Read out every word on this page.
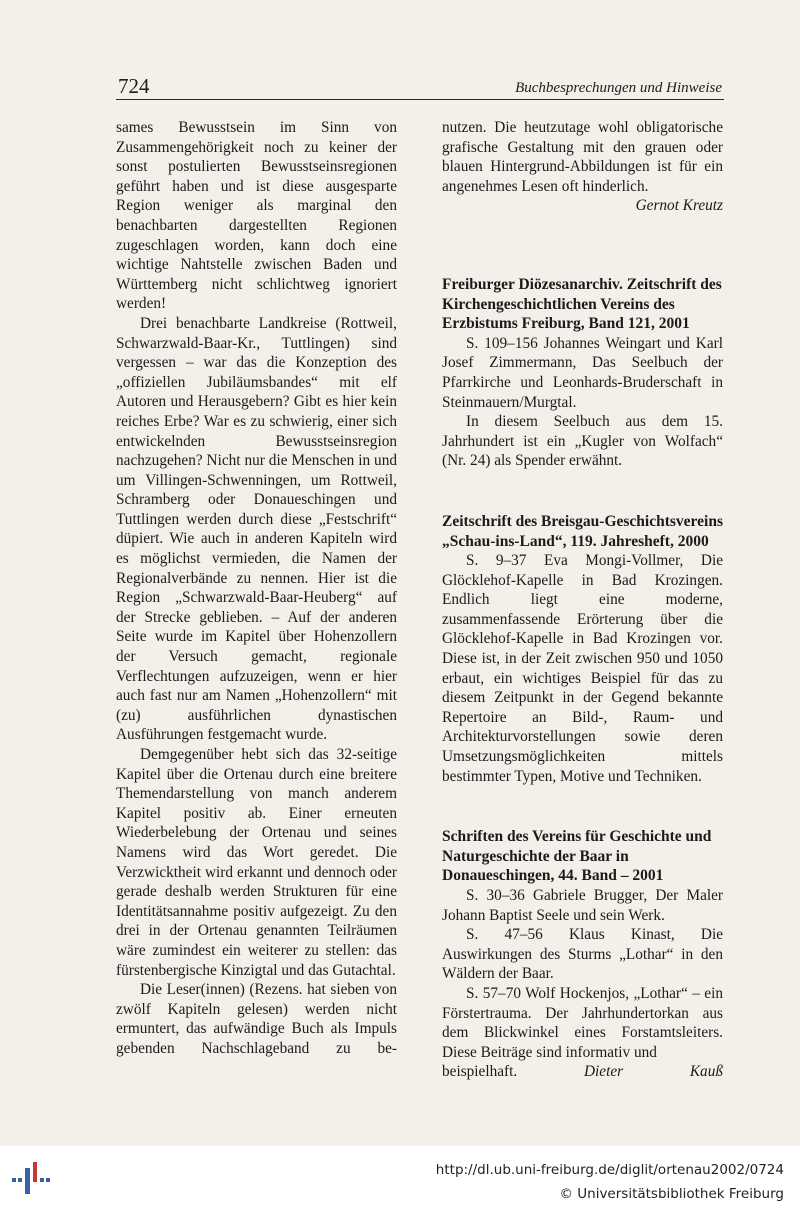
724	Buchbesprechungen und Hinweise

sames Bewusstsein im Sinn von Zusammengehörigkeit noch zu keiner der sonst postulierten Bewusstseinsregionen geführt haben und ist diese ausgesparte Region weniger als marginal den benachbarten dargestellten Regionen zugeschlagen worden, kann doch eine wichtige Nahtstelle zwischen Baden und Württemberg nicht schlichtweg ignoriert werden!

Drei benachbarte Landkreise (Rottweil, Schwarzwald-Baar-Kr., Tuttlingen) sind vergessen – war das die Konzeption des „offiziellen Jubiläumsbandes“ mit elf Autoren und Herausgebern? Gibt es hier kein reiches Erbe? War es zu schwierig, einer sich entwickelnden Bewusstseinsregion nachzugehen? Nicht nur die Menschen in und um Villingen-Schwenningen, um Rottweil, Schramberg oder Donaueschingen und Tuttlingen werden durch diese „Festschrift“ düpiert. Wie auch in anderen Kapiteln wird es möglichst vermieden, die Namen der Regionalverbände zu nennen. Hier ist die Region „Schwarzwald-Baar-Heuberg“ auf der Strecke geblieben. – Auf der anderen Seite wurde im Kapitel über Hohenzollern der Versuch gemacht, regionale Verflechtungen aufzuzeigen, wenn er hier auch fast nur am Namen „Hohenzollern“ mit (zu) ausführlichen dynastischen Ausführungen festgemacht wurde.

Demgegenüber hebt sich das 32-seitige Kapitel über die Ortenau durch eine breitere Themendarstellung von manch anderem Kapitel positiv ab. Einer erneuten Wiederbelebung der Ortenau und seines Namens wird das Wort geredet. Die Verzwicktheit wird erkannt und dennoch oder gerade deshalb werden Strukturen für eine Identitätsannahme positiv aufgezeigt. Zu den drei in der Ortenau genannten Teilräumen wäre zumindest ein weiterer zu stellen: das fürstenbergische Kinzigtal und das Gutachtal.

Die Leser(innen) (Rezens. hat sieben von zwölf Kapiteln gelesen) werden nicht ermuntert, das aufwändige Buch als Impuls gebenden Nachschlageband zu be-

nutzen. Die heutzutage wohl obligatorische grafische Gestaltung mit den grauen oder blauen Hintergrund-Abbildungen ist für ein angenehmes Lesen oft hinderlich.

Gernot Kreutz

Freiburger Diözesanarchiv. Zeitschrift des Kirchengeschichtlichen Vereins des Erzbistums Freiburg, Band 121, 2001

S. 109–156 Johannes Weingart und Karl Josef Zimmermann, Das Seelbuch der Pfarrkirche und Leonhards-Bruderschaft in Steinmauern/Murgtal.

In diesem Seelbuch aus dem 15. Jahrhundert ist ein „Kugler von Wolfach“ (Nr. 24) als Spender erwähnt.

Zeitschrift des Breisgau-Geschichtsvereins „Schau-ins-Land“, 119. Jahresheft, 2000

S. 9–37 Eva Mongi-Vollmer, Die Glöcklehof-Kapelle in Bad Krozingen. Endlich liegt eine moderne, zusammenfassende Erörterung über die Glöcklehof-Kapelle in Bad Krozingen vor. Diese ist, in der Zeit zwischen 950 und 1050 erbaut, ein wichtiges Beispiel für das zu diesem Zeitpunkt in der Gegend bekannte Repertoire an Bild-, Raum- und Architekturvorstellungen sowie deren Umsetzungsmöglichkeiten mittels bestimmter Typen, Motive und Techniken.

Schriften des Vereins für Geschichte und Naturgeschichte der Baar in Donaueschingen, 44. Band – 2001

S. 30–36 Gabriele Brugger, Der Maler Johann Baptist Seele und sein Werk.

S. 47–56 Klaus Kinast, Die Auswirkungen des Sturms „Lothar“ in den Wäldern der Baar.

S. 57–70 Wolf Hockenjos, „Lothar“ – ein Förstertrauma. Der Jahrhundertorkan aus dem Blickwinkel eines Forstamtsleiters. Diese Beiträge sind informativ und

beispielhaft.	Dieter Kauß

http://dl.ub.uni-freiburg.de/diglit/ortenau2002/0724
© Universitätsbibliothek Freiburg
